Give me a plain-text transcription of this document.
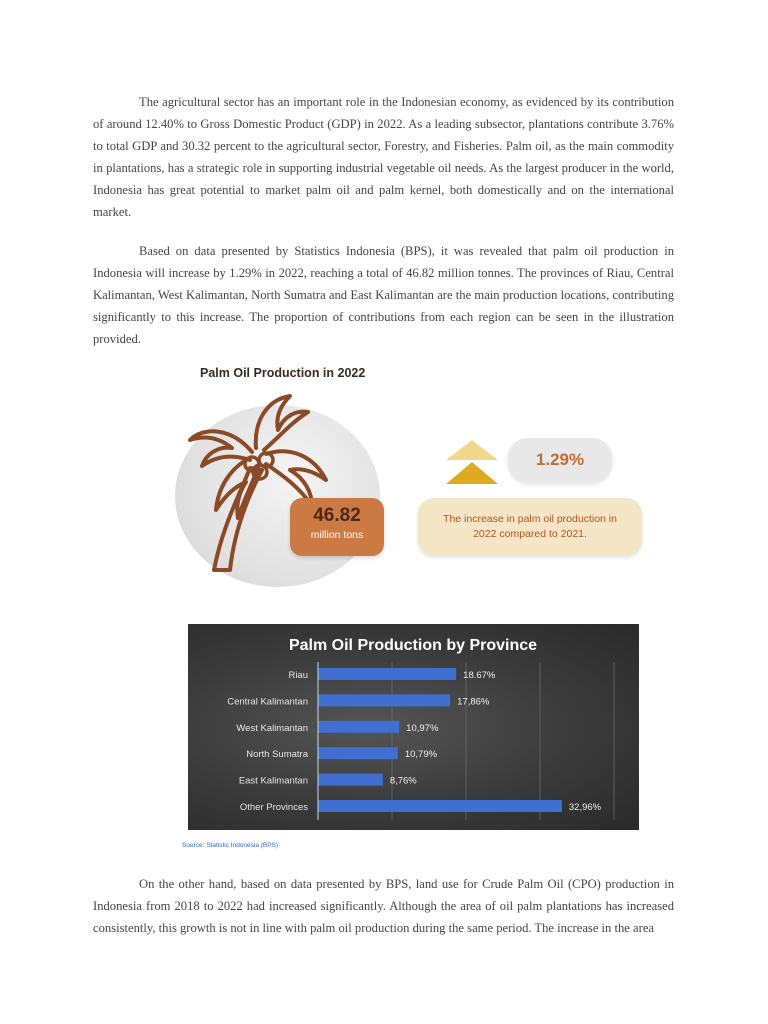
The agricultural sector has an important role in the Indonesian economy, as evidenced by its contribution of around 12.40% to Gross Domestic Product (GDP) in 2022. As a leading subsector, plantations contribute 3.76% to total GDP and 30.32 percent to the agricultural sector, Forestry, and Fisheries. Palm oil, as the main commodity in plantations, has a strategic role in supporting industrial vegetable oil needs. As the largest producer in the world, Indonesia has great potential to market palm oil and palm kernel, both domestically and on the international market.

Based on data presented by Statistics Indonesia (BPS), it was revealed that palm oil production in Indonesia will increase by 1.29% in 2022, reaching a total of 46.82 million tonnes. The provinces of Riau, Central Kalimantan, West Kalimantan, North Sumatra and East Kalimantan are the main production locations, contributing significantly to this increase. The proportion of contributions from each region can be seen in the illustration provided.

Palm Oil Production in 2022
46.82
million tons
1.29%
The increase in palm oil production in 2022 compared to 2021.
Palm Oil Production by Province
Riau	18.67%
Central Kalimantan	17,86%
West Kalimantan	10,97%
North Sumatra	10,79%
East Kalimantan	8,76%
Other Provinces	32,96%
Source: Statistic Indonesia (BPS)

On the other hand, based on data presented by BPS, land use for Crude Palm Oil (CPO) production in Indonesia from 2018 to 2022 had increased significantly. Although the area of oil palm plantations has increased consistently, this growth is not in line with palm oil production during the same period. The increase in the area
